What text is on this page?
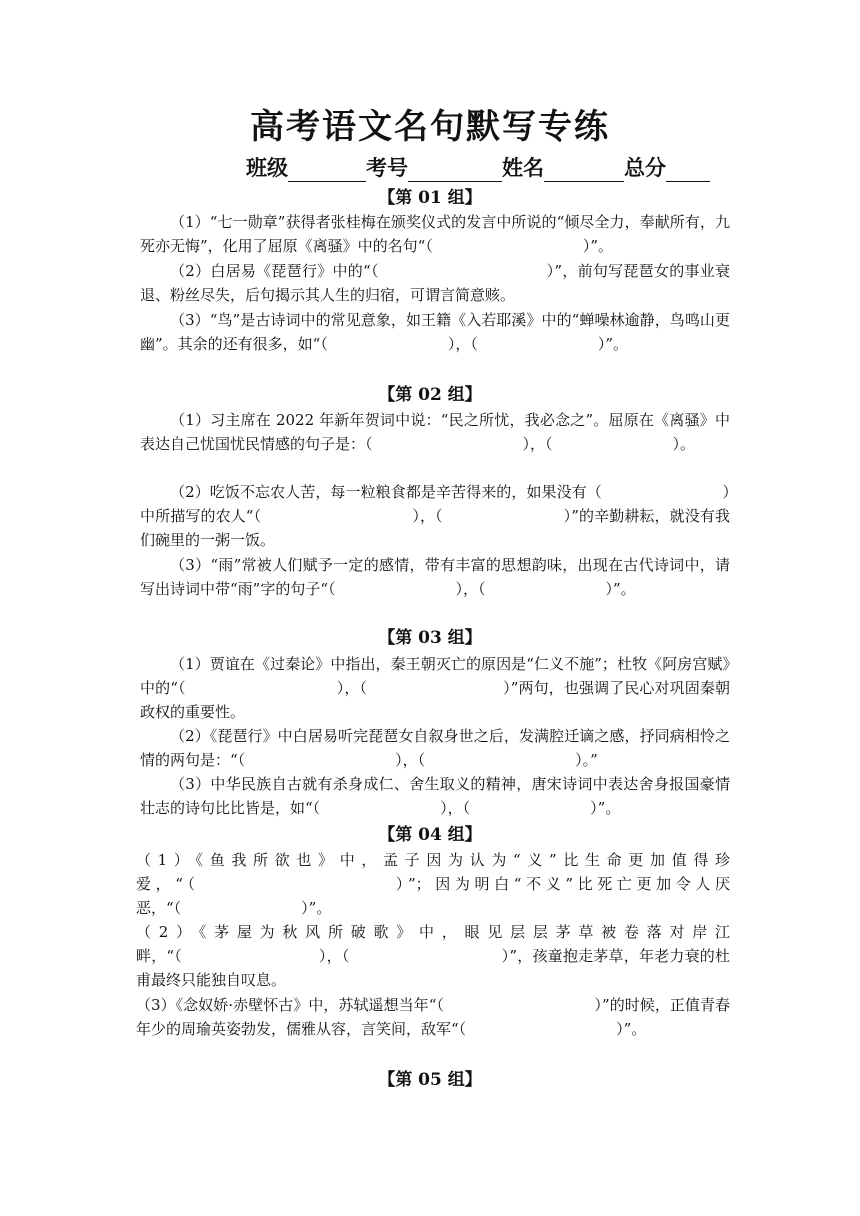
高考语文名句默写专练
班级	考号	姓名	总分
【第 01 组】

（1）“七一勋章”获得者张桂梅在颁奖仪式的发言中所说的“倾尽全力，奉献所有，九死亦无悔”，化用了屈原《离骚》中的名句“（　　　　　　　　　　）”。

（2）白居易《琵琶行》中的“（　　　　　　　　　　　）”，前句写琵琶女的事业衰退、粉丝尽失，后句揭示其人生的归宿，可谓言简意赅。

（3）“鸟”是古诗词中的常见意象，如王籍《入若耶溪》中的“蝉噪林逾静，鸟鸣山更幽”。其余的还有很多，如“（　　　　　　　　），（　　　　　　　　）”。

【第 02 组】

（1）习主席在 2022 年新年贺词中说：“民之所忧，我必念之”。屈原在《离骚》中表达自己忧国忧民情感的句子是：（　　　　　　　　　　），（　　　　　　　　）。

（2）吃饭不忘农人苦，每一粒粮食都是辛苦得来的，如果没有（　　　　　　　　）中所描写的农人“（　　　　　　　　　　），（　　　　　　　　）”的辛勤耕耘，就没有我们碗里的一粥一饭。

（3）“雨”常被人们赋予一定的感情，带有丰富的思想韵味，出现在古代诗词中，请写出诗词中带“雨”字的句子“（　　　　　　　　），（　　　　　　　　）”。

【第 03 组】

（1）贾谊在《过秦论》中指出，秦王朝灭亡的原因是“仁义不施”；杜牧《阿房宫赋》中的“（　　　　　　　　　　），（　　　　　　　　　）”两句，也强调了民心对巩固秦朝政权的重要性。

（2）《琵琶行》中白居易听完琵琶女自叙身世之后，发满腔迁谪之感，抒同病相怜之情的两句是：“（　　　　　　　　　　），（　　　　　　　　　　）。”

（3）中华民族自古就有杀身成仁、舍生取义的精神，唐宋诗词中表达舍身报国豪情壮志的诗句比比皆是，如“（　　　　　　　　），（　　　　　　　　）”。

【第 04 组】

（1）《鱼我所欲也》中，孟子因为认为“义”比生命更加值得珍爱，“（　　　　　　　　　　）”；因为明白“不义”比死亡更加令人厌恶，“（　　　　　　　　）”。

（2）《茅屋为秋风所破歌》中，眼见层层茅草被卷落对岸江畔，“（　　　　　　　　　），（　　　　　　　　　　）”，孩童抱走茅草，年老力衰的杜甫最终只能独自叹息。

（3）《念奴娇·赤壁怀古》中，苏轼遥想当年“（　　　　　　　　　　）”的时候，正值青春年少的周瑜英姿勃发，儒雅从容，言笑间，敌军“（　　　　　　　　　　）”。

【第 05 组】
